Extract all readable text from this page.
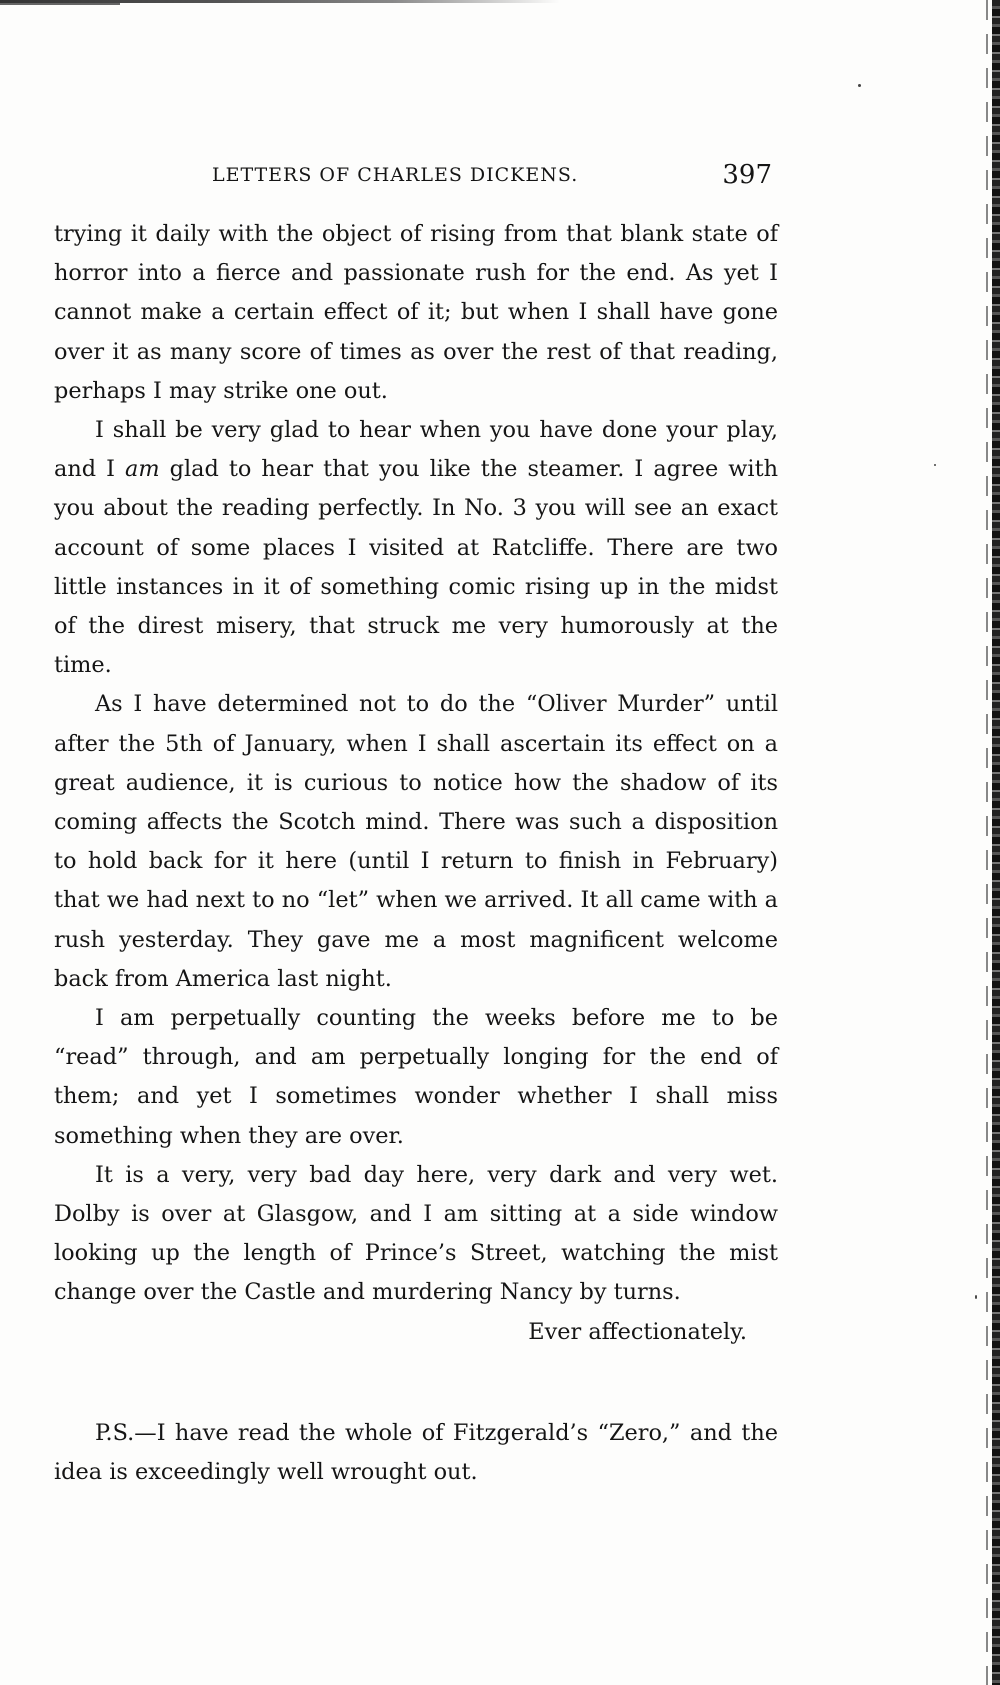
LETTERS OF CHARLES DICKENS.	397

trying it daily with the object of rising from that blank state of horror into a fierce and passionate rush for the end. As yet I cannot make a certain effect of it; but when I shall have gone over it as many score of times as over the rest of that reading, perhaps I may strike one out.

I shall be very glad to hear when you have done your play, and I am glad to hear that you like the steamer. I agree with you about the reading perfectly. In No. 3 you will see an exact account of some places I visited at Ratcliffe. There are two little instances in it of something comic rising up in the midst of the direst misery, that struck me very humorously at the time.

As I have determined not to do the “Oliver Murder” until after the 5th of January, when I shall ascertain its effect on a great audience, it is curious to notice how the shadow of its coming affects the Scotch mind. There was such a disposition to hold back for it here (until I return to finish in February) that we had next to no “let” when we arrived. It all came with a rush yesterday. They gave me a most magnificent welcome back from America last night.

I am perpetually counting the weeks before me to be “read” through, and am perpetually longing for the end of them; and yet I sometimes wonder whether I shall miss something when they are over.

It is a very, very bad day here, very dark and very wet. Dolby is over at Glasgow, and I am sitting at a side window looking up the length of Prince’s Street, watching the mist change over the Castle and murdering Nancy by turns.

Ever affectionately.

P.S.—I have read the whole of Fitzgerald’s “Zero,” and the idea is exceedingly well wrought out.
